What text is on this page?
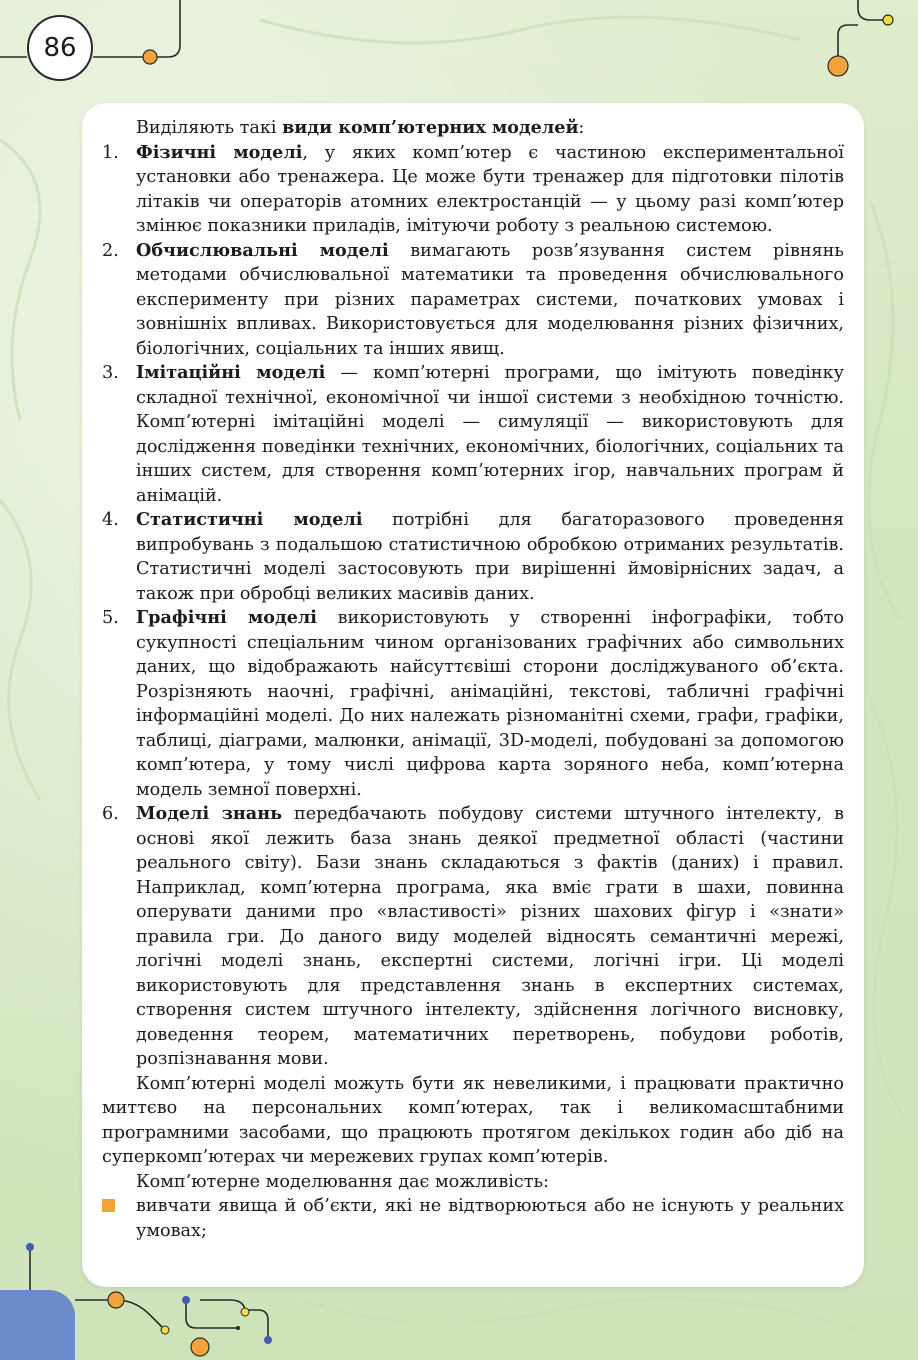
86

Виділяють такі види комп’ютерних моделей:

1. Фізичні моделі, у яких комп’ютер є частиною експериментальної установки або тренажера. Це може бути тренажер для підготовки пілотів літаків чи операторів атомних електростанцій — у цьому разі комп’ютер змінює показники приладів, імітуючи роботу з реальною системою.
2. Обчислювальні моделі вимагають розв’язування систем рівнянь методами обчислювальної математики та проведення обчислювального експерименту при різних параметрах системи, початкових умовах і зовнішніх впливах. Використовується для моделювання різних фізичних, біологічних, соціальних та інших явищ.
3. Імітаційні моделі — комп’ютерні програми, що імітують поведінку складної технічної, економічної чи іншої системи з необхідною точністю. Комп’ютерні імітаційні моделі — симуляції — використовують для дослідження поведінки технічних, економічних, біологічних, соціальних та інших систем, для створення комп’ютерних ігор, навчальних програм й анімацій.
4. Статистичні моделі потрібні для багаторазового проведення випробувань з подальшою статистичною обробкою отриманих результатів. Статистичні моделі застосовують при вирішенні ймовірнісних задач, а також при обробці великих масивів даних.
5. Графічні моделі використовують у створенні інфографіки, тобто сукупності спеціальним чином організованих графічних або символьних даних, що відображають найсуттєвіші сторони досліджуваного об’єкта. Розрізняють наочні, графічні, анімаційні, текстові, табличні графічні інформаційні моделі. До них належать різноманітні схеми, графи, графіки, таблиці, діаграми, малюнки, анімації, 3D-моделі, побудовані за допомогою комп’ютера, у тому числі цифрова карта зоряного неба, комп’ютерна модель земної поверхні.
6. Моделі знань передбачають побудову системи штучного інтелекту, в основі якої лежить база знань деякої предметної області (частини реального світу). Бази знань складаються з фактів (даних) і правил. Наприклад, комп’ютерна програма, яка вміє грати в шахи, повинна оперувати даними про «властивості» різних шахових фігур і «знати» правила гри. До даного виду моделей відносять семантичні мережі, логічні моделі знань, експертні системи, логічні ігри. Ці моделі використовують для представлення знань в експертних системах, створення систем штучного інтелекту, здійснення логічного висновку, доведення теорем, математичних перетворень, побудови роботів, розпізнавання мови.

Комп’ютерні моделі можуть бути як невеликими, і працювати практично миттєво на персональних комп’ютерах, так і великомасштабними програмними засобами, що працюють протягом декількох годин або діб на суперкомп’ютерах чи мережевих групах комп’ютерів.

Комп’ютерне моделювання дає можливість:

вивчати явища й об’єкти, які не відтворюються або не існують у реальних умовах;
